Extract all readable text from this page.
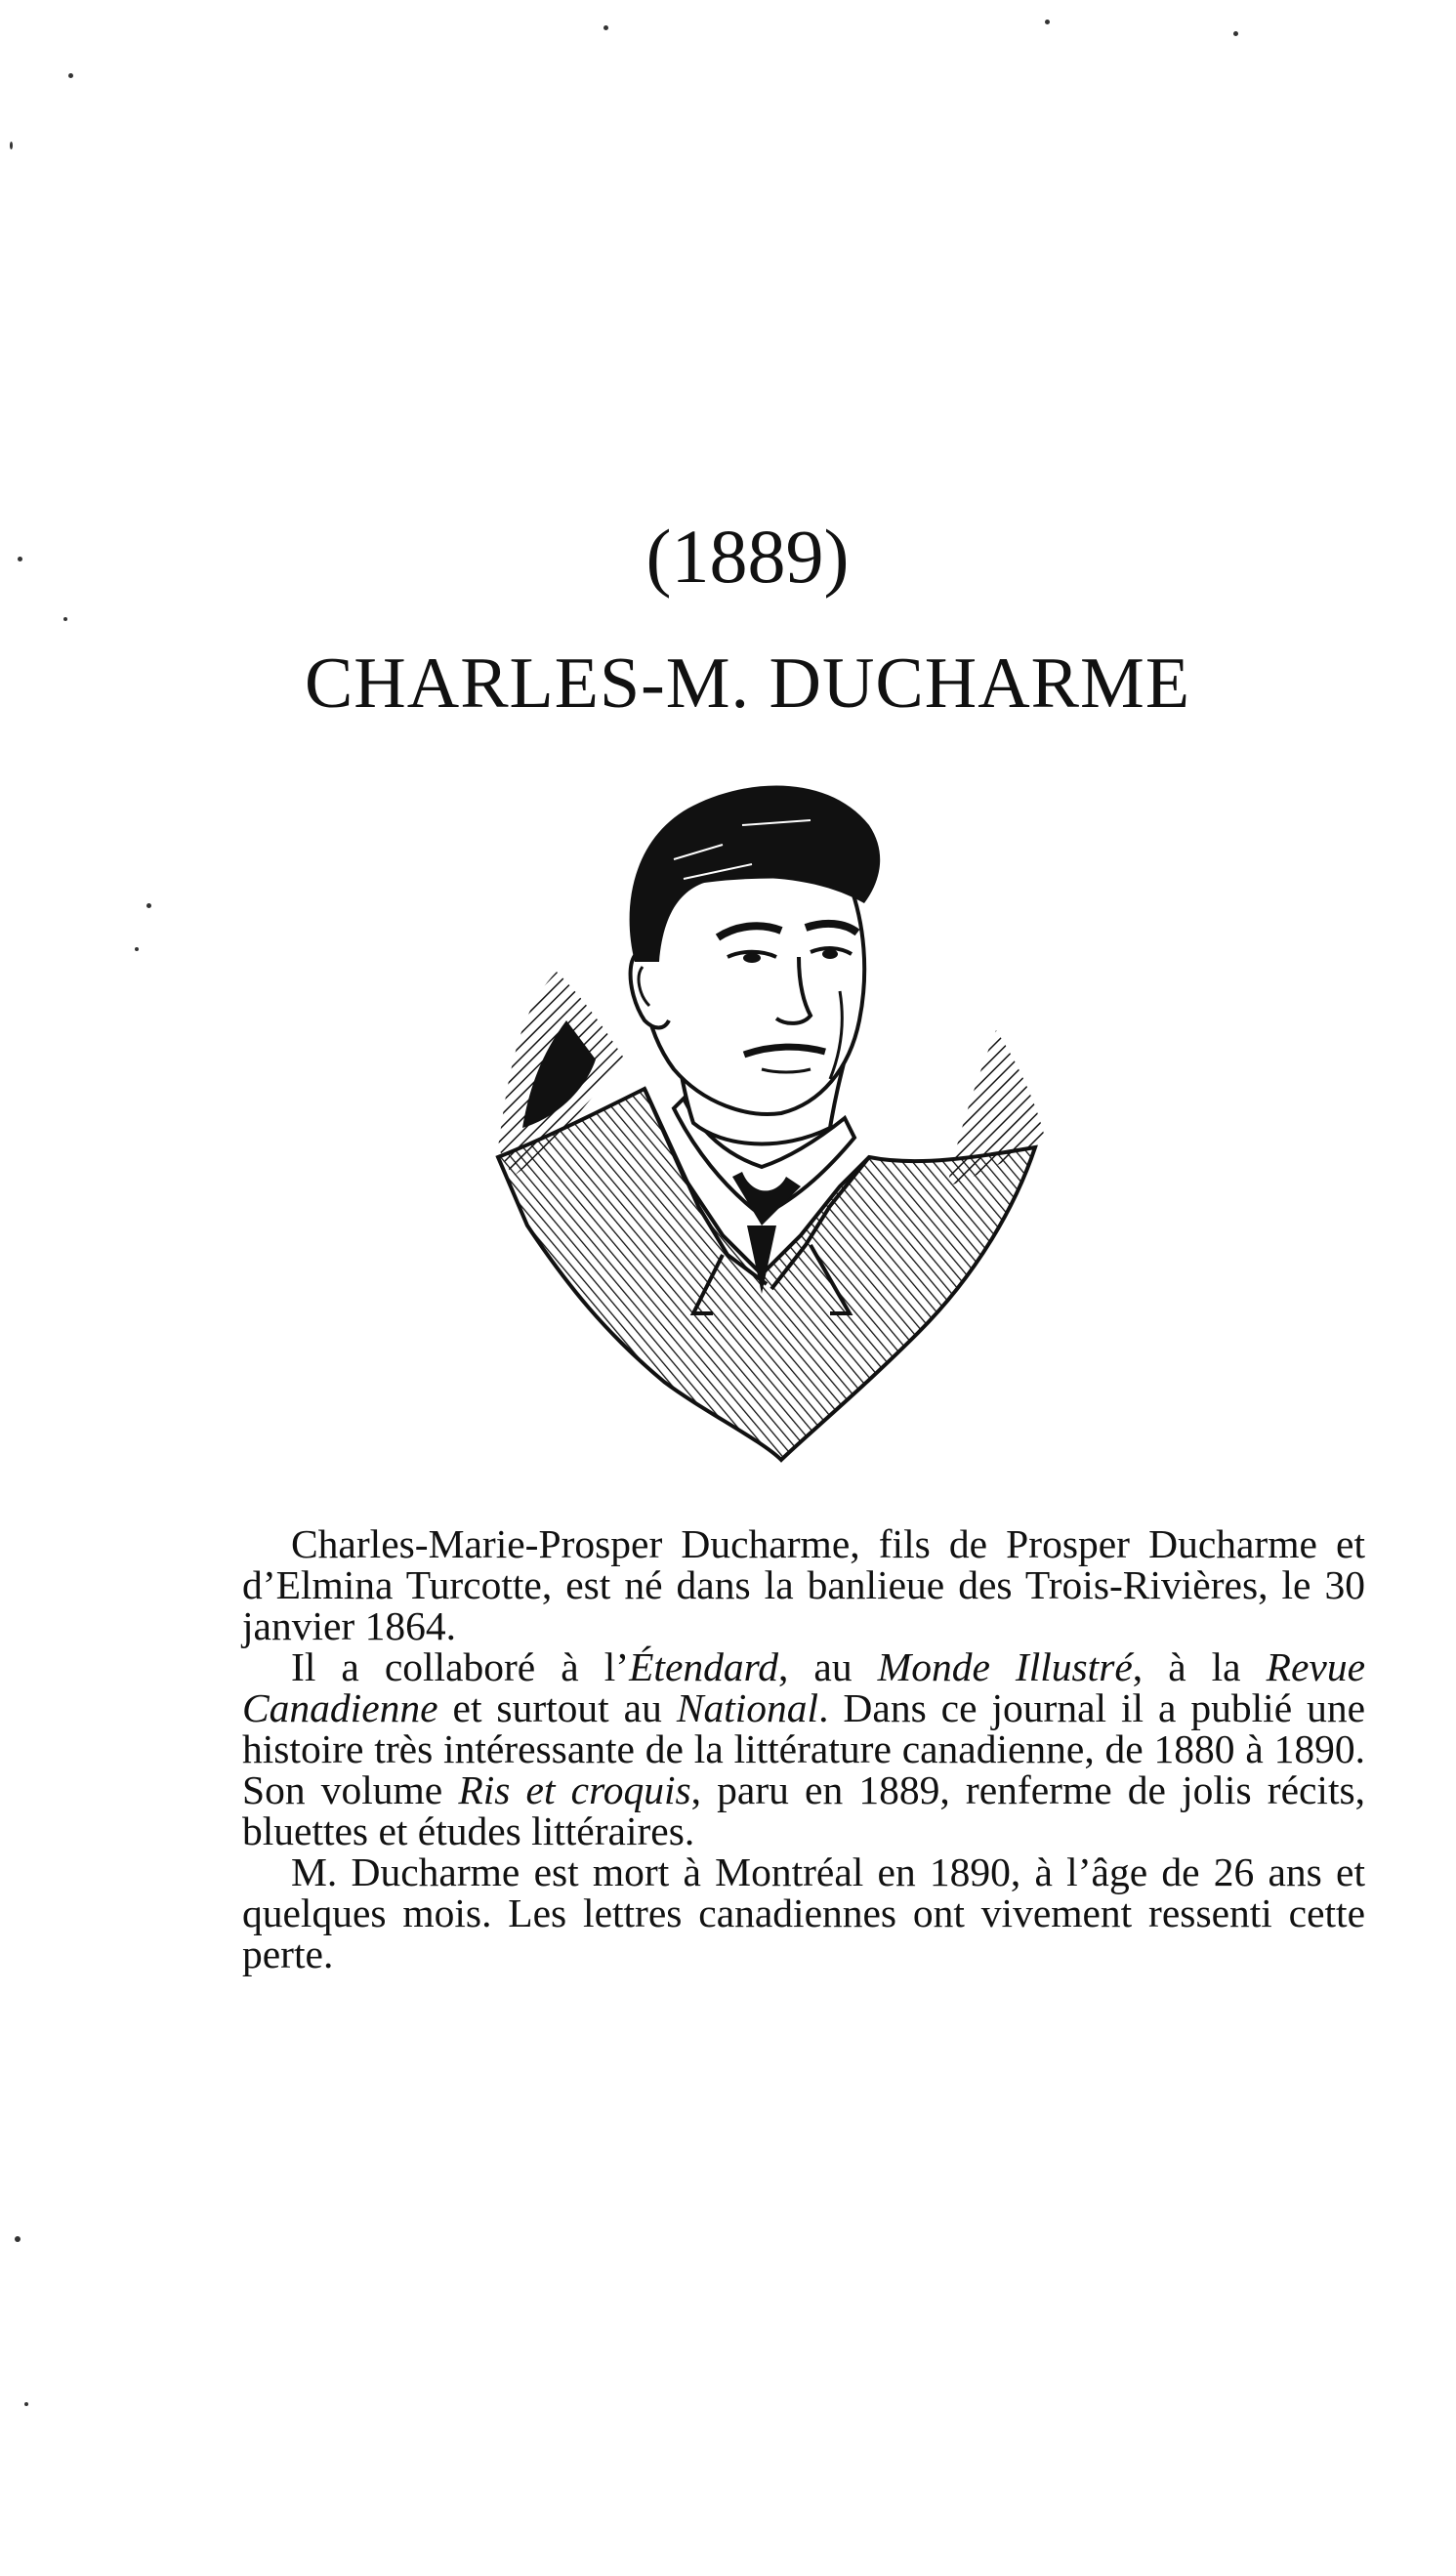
(1889)
CHARLES-M. DUCHARME

Charles-Marie-Prosper Ducharme, fils de Prosper Ducharme et d’Elmina Turcotte, est né dans la banlieue des Trois-Rivières, le 30 janvier 1864.

Il a collaboré à l’Étendard, au Monde Illustré, à la Revue Canadienne et surtout au National. Dans ce journal il a publié une histoire très intéressante de la littérature canadienne, de 1880 à 1890. Son volume Ris et croquis, paru en 1889, renferme de jolis récits, bluettes et études littéraires.

M. Ducharme est mort à Montréal en 1890, à l’âge de 26 ans et quelques mois. Les lettres canadiennes ont vivement ressenti cette perte.
